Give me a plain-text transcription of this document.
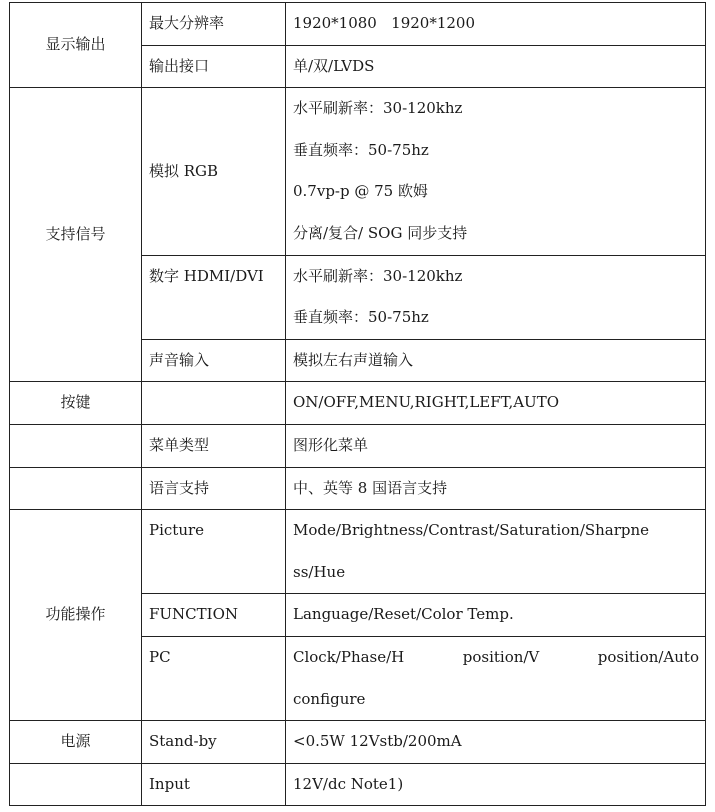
显示输出	最大分辨率	1920*1080   1920*1200

	输出接口	单/双/LVDS
支持信号	模拟 RGB	水平刷新率：30-120khz
垂直频率：50-75hz
0.7vp-p @ 75 欧姆
分离/复合/ SOG 同步支持

	数字 HDMI/DVI	水平刷新率：30-120khz
垂直频率：50-75hz

	声音输入	模拟左右声道输入
按键		ON/OFF,MENU,RIGHT,LEFT,AUTO
	菜单类型	图形化菜单
	语言支持	中、英等 8 国语言支持
功能操作	Picture	Mode/Brightness/Contrast/Saturation/Sharpne
ss/Hue

	FUNCTION	Language/Reset/Color Temp.
	PC	Clock/Phase/H position/V position/Auto
configure

电源	Stand-by	<0.5W 12Vstb/200mA
	Input	12V/dc Note1)
